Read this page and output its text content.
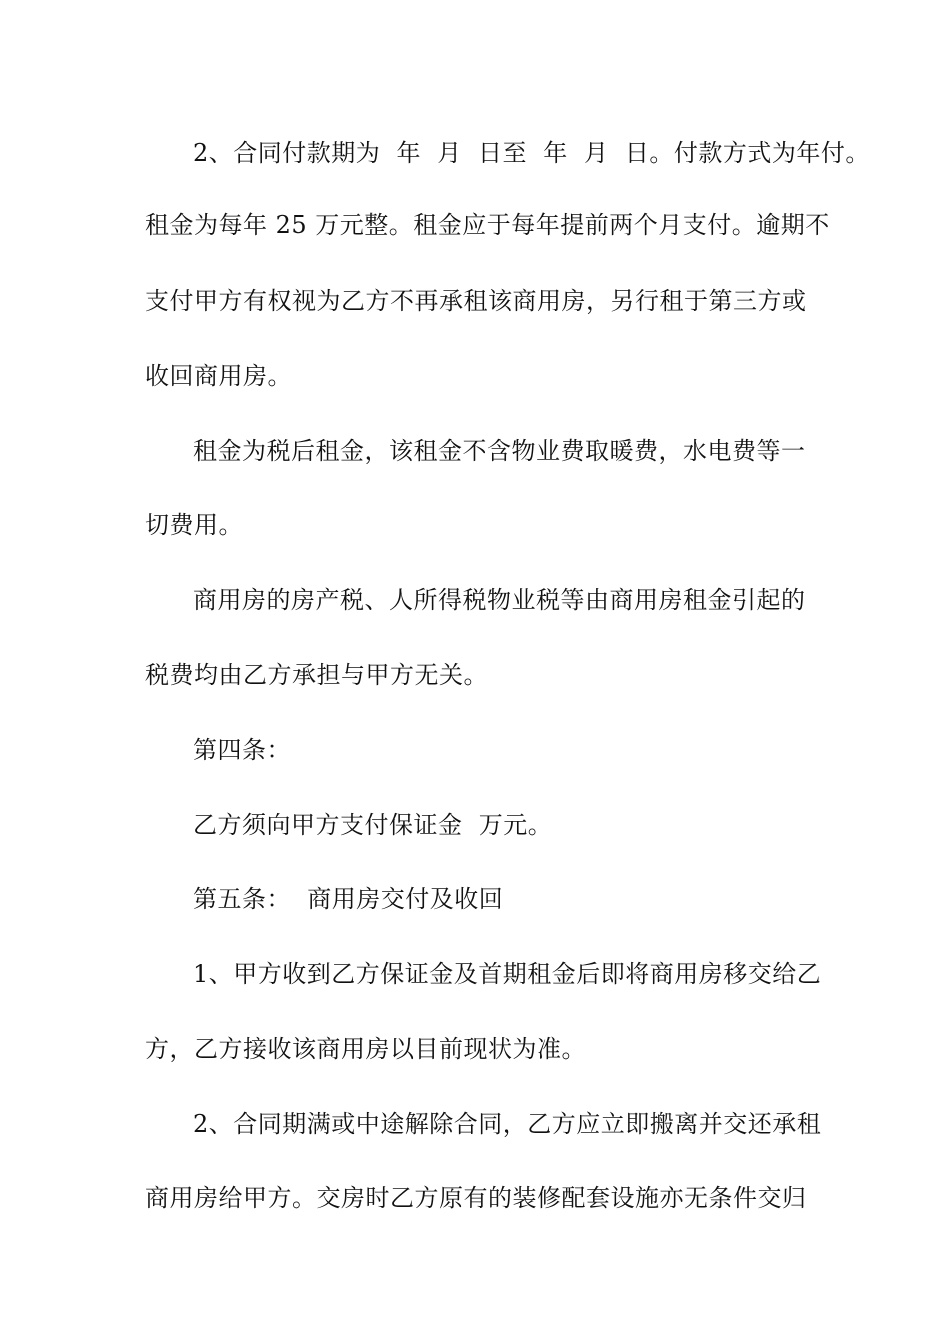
2、合同付款期为  年  月  日至  年  月  日。付款方式为年付。
租金为每年 25 万元整。租金应于每年提前两个月支付。逾期不
支付甲方有权视为乙方不再承租该商用房，另行租于第三方或
收回商用房。
租金为税后租金，该租金不含物业费取暖费，水电费等一
切费用。
商用房的房产税、人所得税物业税等由商用房租金引起的
税费均由乙方承担与甲方无关。
第四条：
乙方须向甲方支付保证金  万元。
第五条：  商用房交付及收回
1、甲方收到乙方保证金及首期租金后即将商用房移交给乙
方，乙方接收该商用房以目前现状为准。
2、合同期满或中途解除合同，乙方应立即搬离并交还承租
商用房给甲方。交房时乙方原有的装修配套设施亦无条件交归
